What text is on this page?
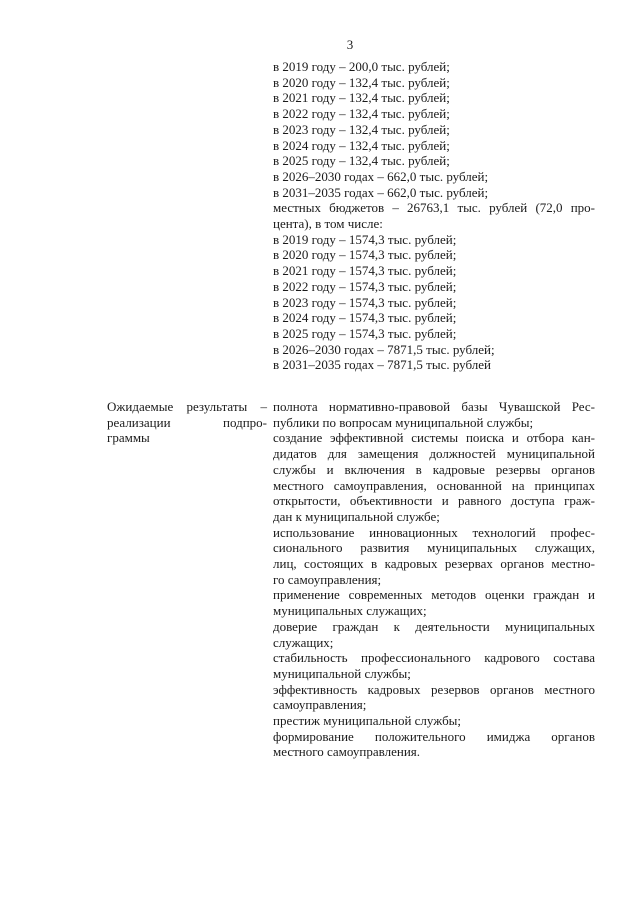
3
в 2019 году – 200,0 тыс. рублей;
в 2020 году – 132,4 тыс. рублей;
в 2021 году – 132,4 тыс. рублей;
в 2022 году – 132,4 тыс. рублей;
в 2023 году – 132,4 тыс. рублей;
в 2024 году – 132,4 тыс. рублей;
в 2025 году – 132,4 тыс. рублей;
в 2026–2030 годах – 662,0 тыс. рублей;
в 2031–2035 годах – 662,0 тыс. рублей;
местных бюджетов – 26763,1 тыс. рублей (72,0 про-
цента), в том числе:
в 2019 году – 1574,3 тыс. рублей;
в 2020 году – 1574,3 тыс. рублей;
в 2021 году – 1574,3 тыс. рублей;
в 2022 году – 1574,3 тыс. рублей;
в 2023 году – 1574,3 тыс. рублей;
в 2024 году – 1574,3 тыс. рублей;
в 2025 году – 1574,3 тыс. рублей;
в 2026–2030 годах – 7871,5 тыс. рублей;
в 2031–2035 годах – 7871,5 тыс. рублей
Ожидаемые результаты –
реализации подпро-
граммы
полнота нормативно-правовой базы Чувашской Рес-
публики по вопросам муниципальной службы;
создание эффективной системы поиска и отбора кан-
дидатов для замещения должностей муниципальной
службы и включения в кадровые резервы органов
местного самоуправления, основанной на принципах
открытости, объективности и равного доступа граж-
дан к муниципальной службе;
использование инновационных технологий профес-
сионального развития муниципальных служащих,
лиц, состоящих в кадровых резервах органов местно-
го самоуправления;
применение современных методов оценки граждан и
муниципальных служащих;
доверие граждан к деятельности муниципальных
служащих;
стабильность профессионального кадрового состава
муниципальной службы;
эффективность кадровых резервов органов местного
самоуправления;
престиж муниципальной службы;
формирование положительного имиджа органов
местного самоуправления.
